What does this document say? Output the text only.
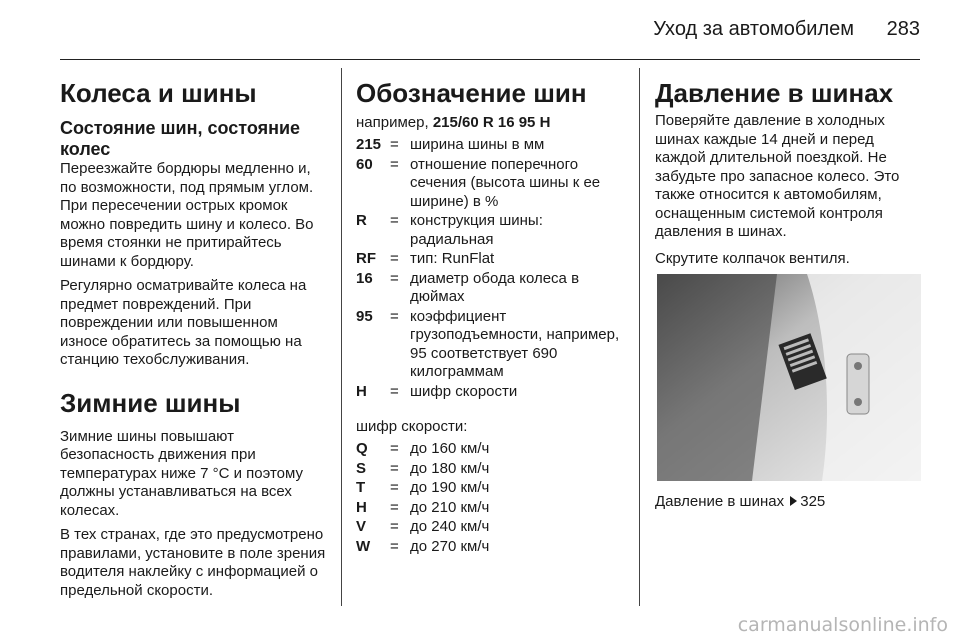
Уход за автомобилем 283
Колеса и шины
Состояние шин, состояние колес

Переезжайте бордюры медленно и, по возможности, под прямым углом. При пересечении острых кромок можно повредить шину и колесо. Во время стоянки не притирайтесь шинами к бордюру.

Регулярно осматривайте колеса на предмет повреждений. При повреждении или повышенном износе обратитесь за помощью на станцию техобслуживания.

Зимние шины

Зимние шины повышают безопасность движения при температурах ниже 7 °C и поэтому должны устанавливаться на всех колесах.

В тех странах, где это предусмотрено правилами, установите в поле зрения водителя наклейку с информацией о предельной скорости.

Обозначение шин

например, 215/60 R 16 95 H

215	=	ширина шины в мм
60	=	отношение поперечного сечения (высота шины к ее ширине) в %
R	=	конструкция шины: радиальная
RF	=	тип: RunFlat
16	=	диаметр обода колеса в дюймах
95	=	коэффициент грузоподъемности, например, 95 соответствует 690 килограммам
H	=	шифр скорости

шифр скорости:

Q	=	до 160 км/ч
S	=	до 180 км/ч
T	=	до 190 км/ч
H	=	до 210 км/ч
V	=	до 240 км/ч
W	=	до 270 км/ч
Давление в шинах

Поверяйте давление в холодных шинах каждые 14 дней и перед каждой длительной поездкой. Не забудьте про запасное колесо. Это также относится к автомобилям, оснащенным системой контроля давления в шинах.

Скрутите колпачок вентиля.

Давление в шинах 325

carmanualsonline.info
